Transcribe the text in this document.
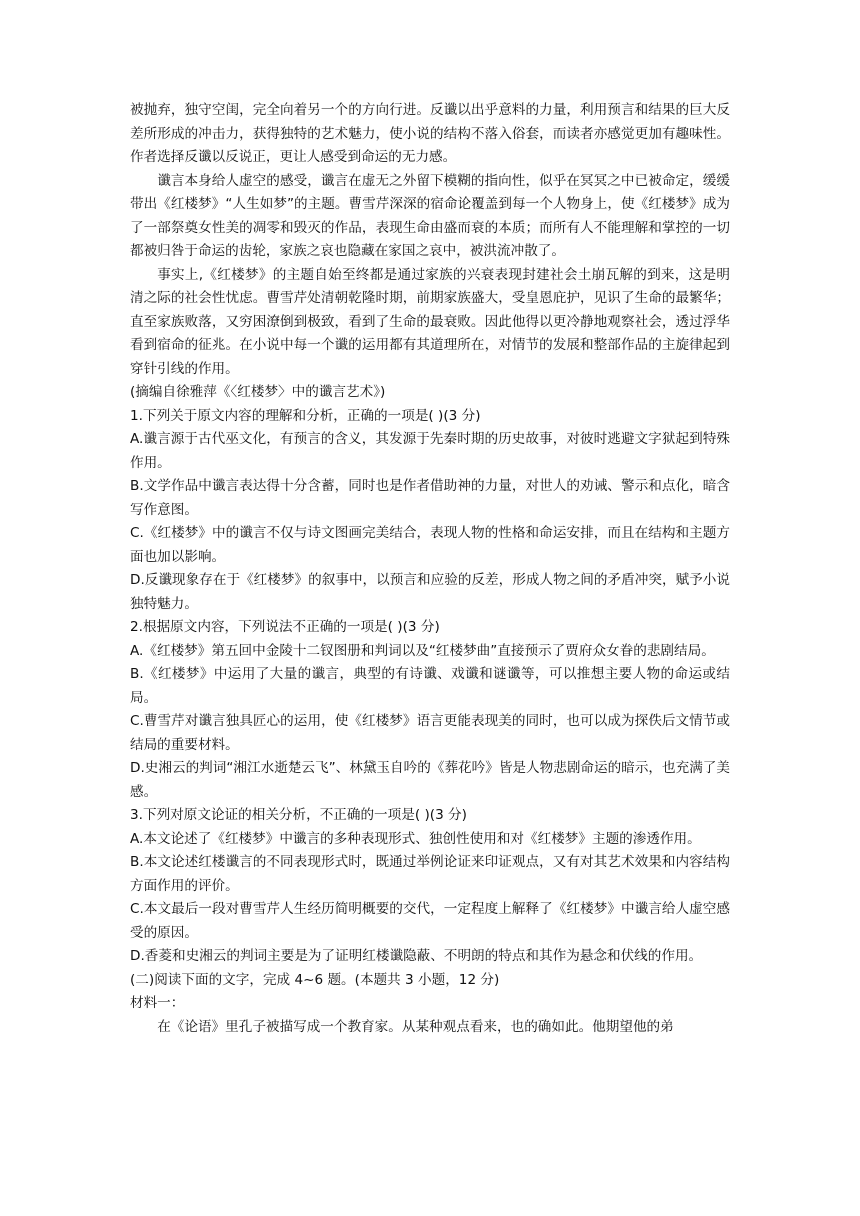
被抛弃，独守空闺，完全向着另一个的方向行进。反谶以出乎意料的力量，利用预言和结果的巨大反差所形成的冲击力，获得独特的艺术魅力，使小说的结构不落入俗套，而读者亦感觉更加有趣味性。作者选择反谶以反说正，更让人感受到命运的无力感。

谶言本身给人虚空的感受，谶言在虚无之外留下模糊的指向性，似乎在冥冥之中已被命定，缓缓带出《红楼梦》“人生如梦”的主题。曹雪芹深深的宿命论覆盖到每一个人物身上，使《红楼梦》成为了一部祭奠女性美的凋零和毁灭的作品，表现生命由盛而衰的本质；而所有人不能理解和掌控的一切都被归咎于命运的齿轮，家族之哀也隐藏在家国之哀中，被洪流冲散了。

事实上,《红楼梦》的主题自始至终都是通过家族的兴衰表现封建社会土崩瓦解的到来，这是明清之际的社会性忧虑。曹雪芹处清朝乾隆时期，前期家族盛大，受皇恩庇护，见识了生命的最繁华；直至家族败落，又穷困潦倒到极致，看到了生命的最衰败。因此他得以更冷静地观察社会，透过浮华看到宿命的征兆。在小说中每一个谶的运用都有其道理所在，对情节的发展和整部作品的主旋律起到穿针引线的作用。

(摘编自徐雅萍《〈红楼梦〉中的谶言艺术》)

1.下列关于原文内容的理解和分析，正确的一项是( )(3 分)

A.谶言源于古代巫文化，有预言的含义，其发源于先秦时期的历史故事，对彼时逃避文字狱起到特殊作用。

B.文学作品中谶言表达得十分含蓄，同时也是作者借助神的力量，对世人的劝诫、警示和点化，暗含写作意图。

C.《红楼梦》中的谶言不仅与诗文图画完美结合，表现人物的性格和命运安排，而且在结构和主题方面也加以影响。

D.反谶现象存在于《红楼梦》的叙事中，以预言和应验的反差，形成人物之间的矛盾冲突，赋予小说独特魅力。

2.根据原文内容，下列说法不正确的一项是( )(3 分)

A.《红楼梦》第五回中金陵十二钗图册和判词以及“红楼梦曲”直接预示了贾府众女眷的悲剧结局。

B.《红楼梦》中运用了大量的谶言，典型的有诗谶、戏谶和谜谶等，可以推想主要人物的命运或结局。

C.曹雪芹对谶言独具匠心的运用，使《红楼梦》语言更能表现美的同时，也可以成为探佚后文情节或结局的重要材料。

D.史湘云的判词“湘江水逝楚云飞”、林黛玉自吟的《葬花吟》皆是人物悲剧命运的暗示，也充满了美感。

3.下列对原文论证的相关分析，不正确的一项是( )(3 分)

A.本文论述了《红楼梦》中谶言的多种表现形式、独创性使用和对《红楼梦》主题的渗透作用。

B.本文论述红楼谶言的不同表现形式时，既通过举例论证来印证观点，又有对其艺术效果和内容结构方面作用的评价。

C.本文最后一段对曹雪芹人生经历简明概要的交代，一定程度上解释了《红楼梦》中谶言给人虚空感受的原因。

D.香菱和史湘云的判词主要是为了证明红楼谶隐蔽、不明朗的特点和其作为悬念和伏线的作用。

(二)阅读下面的文字，完成 4~6 题。(本题共 3 小题，12 分)

材料一：

在《论语》里孔子被描写成一个教育家。从某种观点看来，也的确如此。他期望他的弟
